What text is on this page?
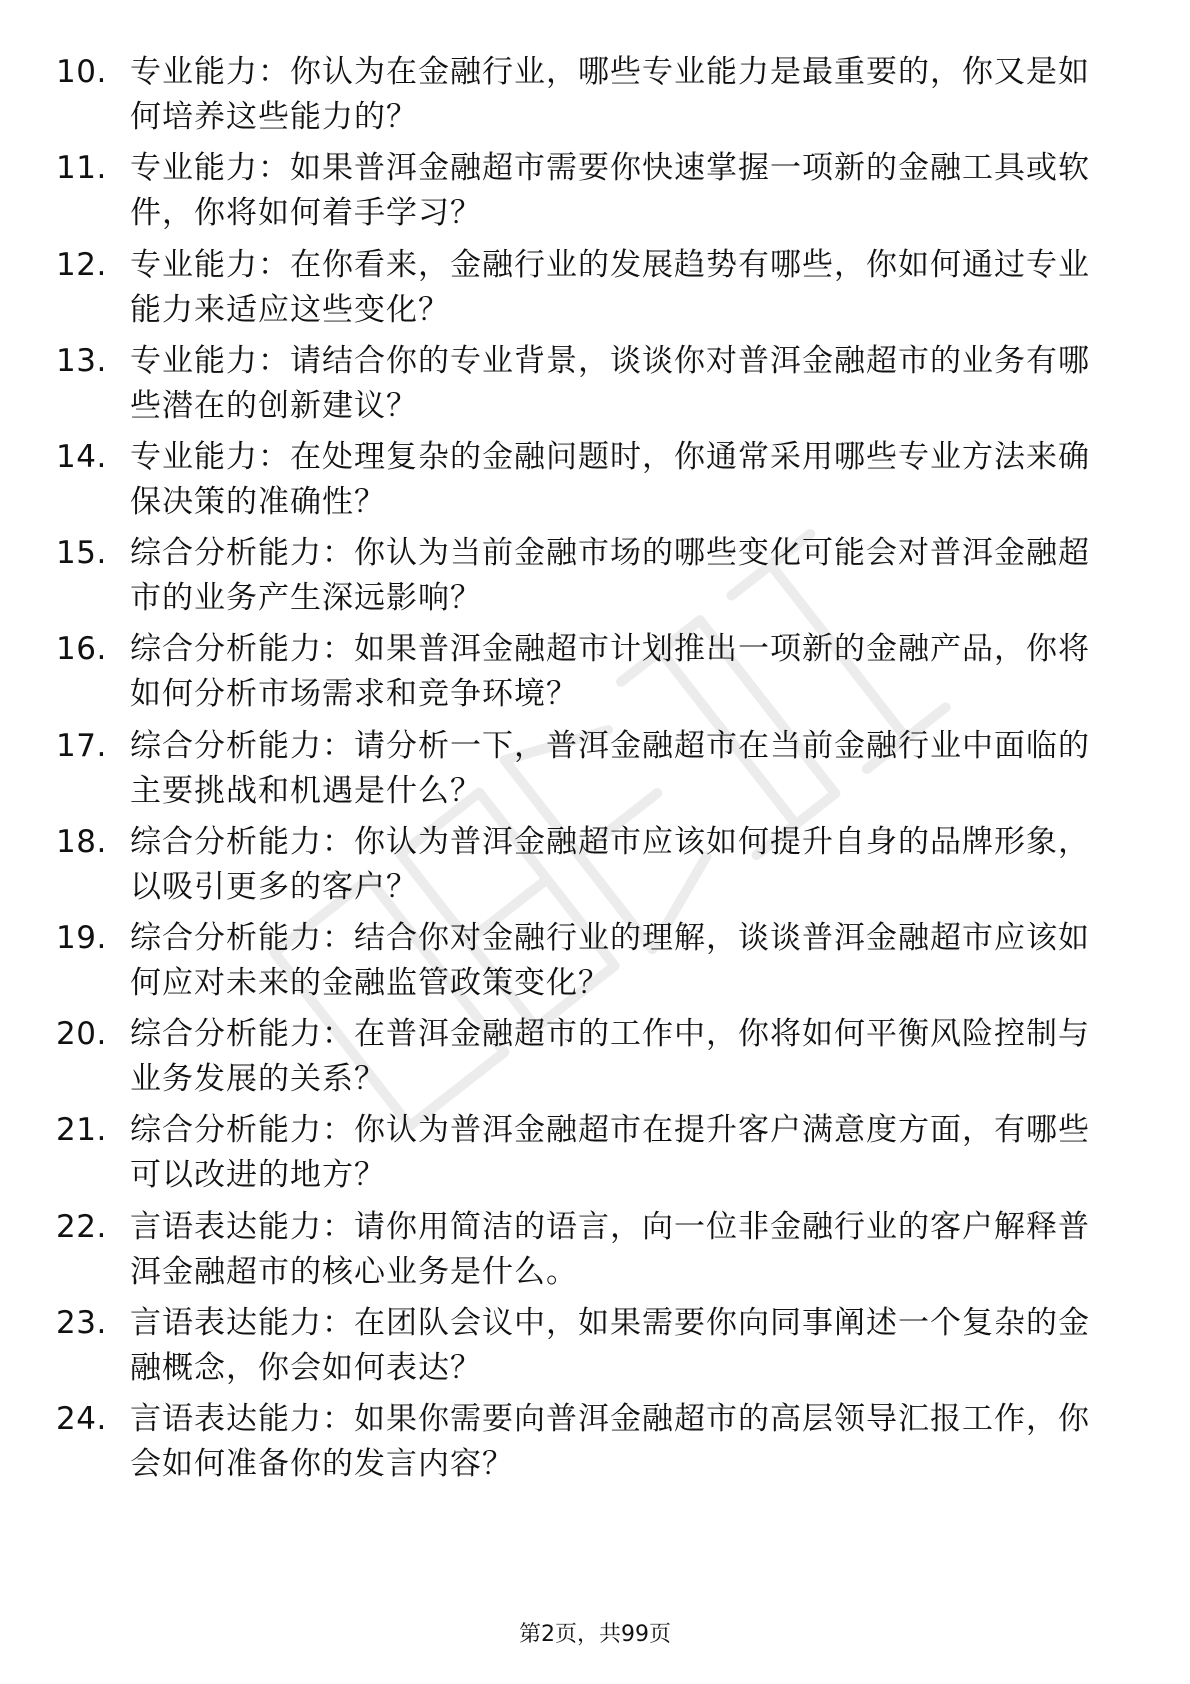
10. 专业能力：你认为在金融行业，哪些专业能力是最重要的，你又是如何培养这些能力的？
11. 专业能力：如果普洱金融超市需要你快速掌握一项新的金融工具或软件，你将如何着手学习？
12. 专业能力：在你看来，金融行业的发展趋势有哪些，你如何通过专业能力来适应这些变化？
13. 专业能力：请结合你的专业背景，谈谈你对普洱金融超市的业务有哪些潜在的创新建议？
14. 专业能力：在处理复杂的金融问题时，你通常采用哪些专业方法来确保决策的准确性？
15. 综合分析能力：你认为当前金融市场的哪些变化可能会对普洱金融超市的业务产生深远影响？
16. 综合分析能力：如果普洱金融超市计划推出一项新的金融产品，你将如何分析市场需求和竞争环境？
17. 综合分析能力：请分析一下，普洱金融超市在当前金融行业中面临的主要挑战和机遇是什么？
18. 综合分析能力：你认为普洱金融超市应该如何提升自身的品牌形象，以吸引更多的客户？
19. 综合分析能力：结合你对金融行业的理解，谈谈普洱金融超市应该如何应对未来的金融监管政策变化？
20. 综合分析能力：在普洱金融超市的工作中，你将如何平衡风险控制与业务发展的关系？
21. 综合分析能力：你认为普洱金融超市在提升客户满意度方面，有哪些可以改进的地方？
22. 言语表达能力：请你用简洁的语言，向一位非金融行业的客户解释普洱金融超市的核心业务是什么。
23. 言语表达能力：在团队会议中，如果需要你向同事阐述一个复杂的金融概念，你会如何表达？
24. 言语表达能力：如果你需要向普洱金融超市的高层领导汇报工作，你会如何准备你的发言内容？
第2页，共99页
